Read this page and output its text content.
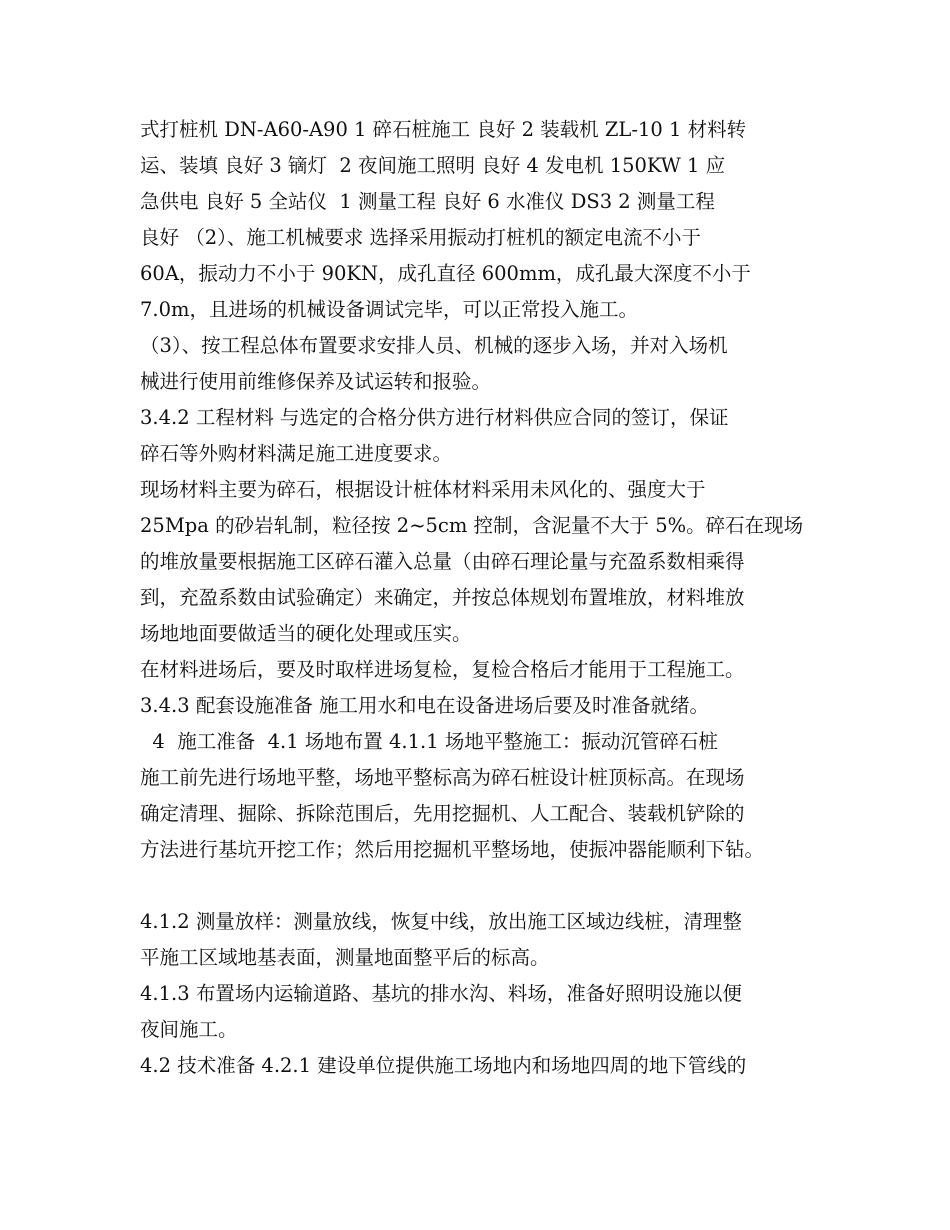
式打桩机 DN-A60-A90 1 碎石桩施工 良好 2 装载机 ZL-10 1 材料转
运、装填 良好 3 镝灯  2 夜间施工照明 良好 4 发电机 150KW 1 应
急供电 良好 5 全站仪  1 测量工程 良好 6 水准仪 DS3 2 测量工程
良好 （2）、施工机械要求 选择采用振动打桩机的额定电流不小于
60A，振动力不小于 90KN，成孔直径 600mm，成孔最大深度不小于
7.0m，且进场的机械设备调试完毕，可以正常投入施工。
（3）、按工程总体布置要求安排人员、机械的逐步入场，并对入场机
械进行使用前维修保养及试运转和报验。
3.4.2 工程材料 与选定的合格分供方进行材料供应合同的签订，保证
碎石等外购材料满足施工进度要求。
现场材料主要为碎石，根据设计桩体材料采用未风化的、强度大于
25Mpa 的砂岩轧制，粒径按 2~5cm 控制，含泥量不大于 5%。碎石在现场
的堆放量要根据施工区碎石灌入总量（由碎石理论量与充盈系数相乘得
到，充盈系数由试验确定）来确定，并按总体规划布置堆放，材料堆放
场地地面要做适当的硬化处理或压实。
在材料进场后，要及时取样进场复检，复检合格后才能用于工程施工。
3.4.3 配套设施准备 施工用水和电在设备进场后要及时准备就绪。
4  施工准备  4.1 场地布置 4.1.1 场地平整施工：振动沉管碎石桩
施工前先进行场地平整，场地平整标高为碎石桩设计桩顶标高。在现场
确定清理、掘除、拆除范围后，先用挖掘机、人工配合、装载机铲除的
方法进行基坑开挖工作；然后用挖掘机平整场地，使振冲器能顺利下钻。
4.1.2 测量放样：测量放线，恢复中线，放出施工区域边线桩，清理整
平施工区域地基表面，测量地面整平后的标高。
4.1.3 布置场内运输道路、基坑的排水沟、料场，准备好照明设施以便
夜间施工。
4.2 技术准备 4.2.1 建设单位提供施工场地内和场地四周的地下管线的
